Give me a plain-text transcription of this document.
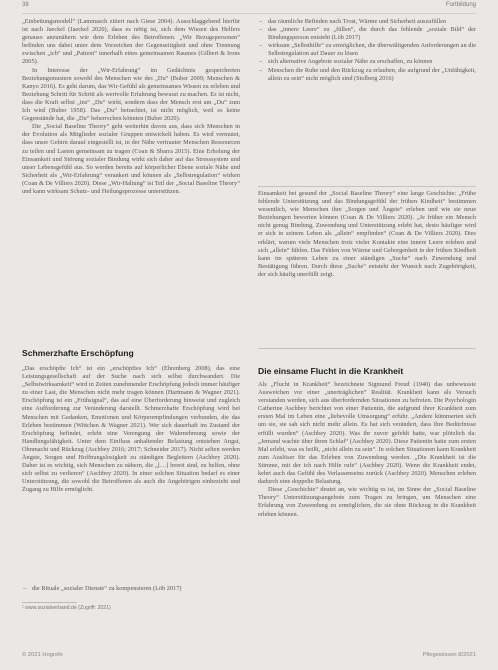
38	Fortbildung

„Einbettungsmodell“ (Lammasch zitiert nach Giese 2004). Ausschlaggebend hierfür ist nach Jaeckel (Jaeckel 2020), dass es nötig ist, sich dem Wissen des Helfers genauso anzunähern wie dem Erleben des Betroffenen. „Wir Bezugspersonen“ befinden uns dabei unter dem Vorzeichen der Gegenseitigkeit und ohne Trennung zwischen „ich“ und „Patient“ innerhalb eines gemeinsamen Raumes (Gilbert & Irons 2005).

In Interesse der „Wir-Erfahrung“ im Gedächtnis gespeicherten Beziehungsmustern sowohl des Menschen wie des „Du“ (Buber 2009; Menschen & Kanyo 2016). Es geht darum, das Wir-Gefühl als gemeinsames Wissen zu erleben und Beziehung Schritt für Schritt als wertvolle Erfahrung bewusst zu machen. Es ist nicht, dass die Kraft selbst „ins“ „Du“ wirkt, sondern dass der Mensch erst am „Du“ zum Ich wird (Buber 1958). Das „Du“ betrachtet, ist nicht möglich, weil es keine Gegenstände hat, die „Du“ beherrschen könnten (Buber 2020).

Die „Social Baseline Theory“ geht weiterhin davon aus, dass sich Menschen in der Evolution als Mitglieder sozialer Gruppen entwickelt haben. Es wird vermutet, dass unser Gehirn darauf eingestellt ist, in der Nähe vertrauter Menschen Ressourcen zu teilen und Lasten gemeinsam zu tragen (Coan & Sbarra 2015). Eine Erholung der Einsamkeit und Störung sozialer Bindung wirkt sich daher auf das Stresssystem und unser Lebensgefühl aus. So werden bereits auf körperlicher Ebene soziale Nähe und Sicherheit als „Wir-Erfahrung“ verankert und können als „Selbstregulation“ wirken (Coan & De Villiers 2020). Diese „Wir-Haltung“ ist Teil der „Social Baseline Theory“ und kann wirksam Schutz- und Heilungsprozesse unterstützen.

Schmerzhafte Erschöpfung

„Das erschöpfte Ich“ ist ein „erschöpftes Ich“ (Ehrenberg 2008), das eine Leistungsgesellschaft auf der Suche nach sich selbst durchwandert. Die „Selbstwirksamkeit“ wird in Zeiten zunehmender Erschöpfung jedoch immer häufiger zu einer Last, die Menschen nicht mehr tragen können (Hartmann & Wagner 2021). Erschöpfung ist ein „Frühsignal“, das auf eine Überforderung hinweist und zugleich eine Aufforderung zur Veränderung darstellt. Schmerzhafte Erschöpfung wird bei Menschen mit Gedanken, Emotionen und Körperempfindungen verbunden, die das Erleben bestimmen (Wittchen & Wagner 2021). Wer sich dauerhaft im Zustand der Erschöpfung befindet, erlebt eine Verengung der Wahrnehmung sowie der Handlungsfähigkeit. Unter dem Einfluss anhaltender Belastung entstehen Angst, Ohnmacht und Rückzug (Aschbey 2016; 2017; Schneider 2017). Nicht selten werden Ängste, Sorgen und Hoffnungslosigkeit zu ständigen Begleitern (Aschbey 2020). Daher ist es wichtig, sich Menschen zu nähern, die „[…] bereit sind, zu helfen, ohne sich selbst zu verlieren“ (Aschbey 2020). In einer solchen Situation bedarf es einer Unterstützung, die sowohl die Betroffenen als auch die Angehörigen einbezieht und Zugang zu Hilfe ermöglicht.

– die Rituale „sozialer Dienste“ zu kompensieren (Löb 2017)
¹ www.sozialverband.de (Zugriff: 2021)
– das räumliche Befinden nach Trost, Wärme und Sicherheit auszufüllen
– das „innere Leere“ zu „füllen“, die durch das fehlende „soziale Bild“ der Bindungsperson entsteht (Löb 2017)
– wirksam „Selbsthilfe“ zu ermöglichen, die überwältigenden Anforderungen an die Selbstregulation auf Dauer zu lösen
– sich alternative Angebote sozialer Nähe zu erschaffen, zu können
– Menschen die Ruhe und den Rückzug zu erlauben, die aufgrund der „Unfähigkeit, allein zu sein“ nicht möglich sind (Stolberg 2016)

Einsamkeit bei gesund der „Social Baseline Theory“ eine lange Geschichte: „Frühe fehlende Unterstützung und das Bindungsgefühl der frühen Kindheit“ bestimmen wesentlich, wie Menschen ihre „Sorgen und Ängste“ erleben und wie sie neue Beziehungen bewerten können (Coan & De Villiers 2020). „Je früher ein Mensch nicht genug Bindung, Zuwendung und Unterstützung erlebt hat, desto häufiger wird er sich in seinem Leben als „allein“ empfinden“ (Coan & De Villiers 2020). Dies erklärt, warum viele Menschen trotz vieler Kontakte eine innere Leere erleben und sich „allein“ fühlen. Das Fehlen von Wärme und Geborgenheit in der frühen Kindheit kann im späteren Leben zu einer ständigen „Suche“ nach Zuwendung und Bestätigung führen. Durch diese „Suche“ entsteht der Wunsch nach Zugehörigkeit, der sich häufig unerfüllt zeigt.

Die einsame Flucht in die Krankheit

Als „Flucht in Krankheit“ bezeichnete Sigmund Freud (1940) das unbewusste Ausweichen vor einer „unerträglichen“ Realität. Krankheit kann als Versuch verstanden werden, sich aus überfordernden Situationen zu befreien. Die Psychologin Catherine Aschbey berichtet von einer Patientin, die aufgrund ihrer Krankheit zum ersten Mal im Leben eine „liebevolle Umsorgung“ erfuhr. „Andere kümmerten sich um sie, sie sah sich nicht mehr allein. Es hat sich verändert, dass ihre Bedürfnisse erfüllt wurden“ (Aschbey 2020). Was ihr zuvor gefehlt hatte, war plötzlich da: „Jemand wachte über ihren Schlaf“ (Aschbey 2020). Diese Patientin hatte zum ersten Mal erlebt, was es heißt, „nicht allein zu sein“. In solchen Situationen kann Krankheit zum Auslöser für das Erleben von Zuwendung werden. „Die Krankheit ist die Stimme, mit der ich nach Hilfe rufe“ (Aschbey 2020). Wenn die Krankheit endet, kehrt auch das Gefühl des Verlassenseins zurück (Aschbey 2020). Menschen erleben dadurch eine doppelte Belastung.

Diese „Geschichte“ deutet an, wie wichtig es ist, im Sinne der „Social Baseline Theory“ Unterstützungsangebote zum Tragen zu bringen, um Menschen eine Erfahrung von Zuwendung zu ermöglichen, die sie ohne Rückzug in die Krankheit erleben können.

© 2021 Hogrefe	Pflegewissen 8/2021
